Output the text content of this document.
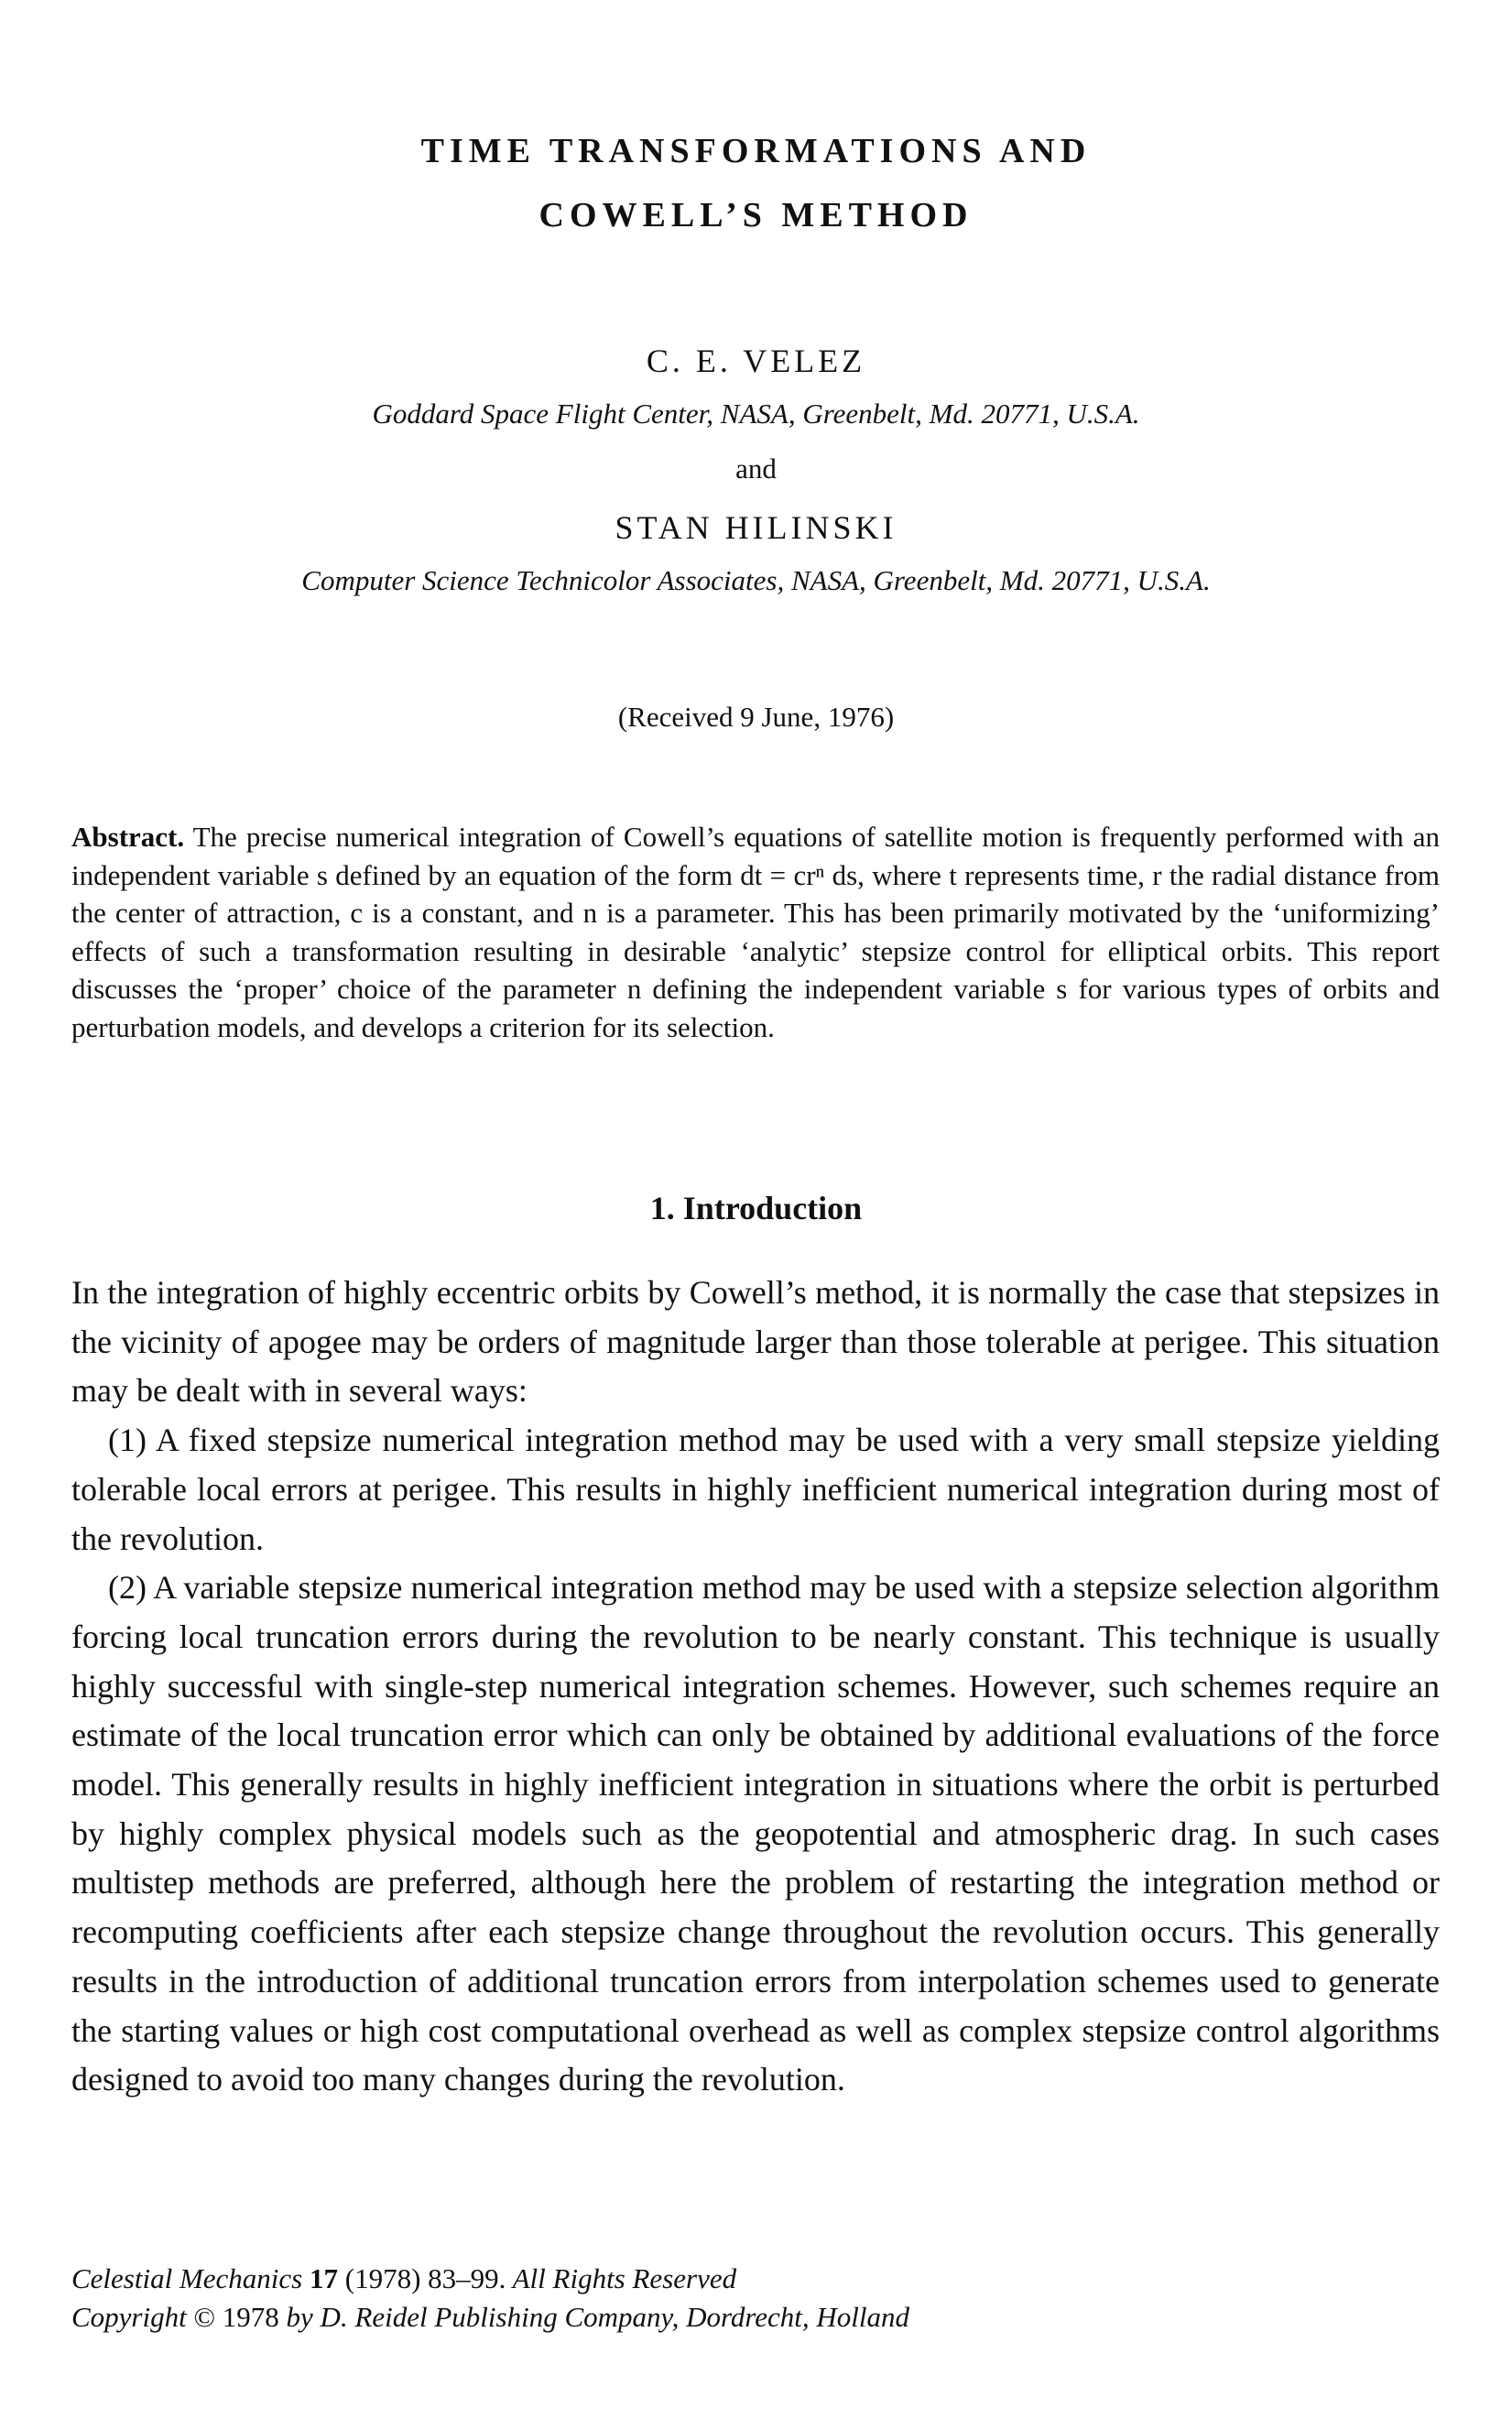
TIME TRANSFORMATIONS AND
COWELL’S METHOD
C. E. VELEZ
Goddard Space Flight Center, NASA, Greenbelt, Md. 20771, U.S.A.
and
STAN HILINSKI
Computer Science Technicolor Associates, NASA, Greenbelt, Md. 20771, U.S.A.
(Received 9 June, 1976)

Abstract. The precise numerical integration of Cowell’s equations of satellite motion is frequently performed with an independent variable s defined by an equation of the form dt = crⁿ ds, where t represents time, r the radial distance from the center of attraction, c is a constant, and n is a parameter. This has been primarily motivated by the ‘uniformizing’ effects of such a transformation resulting in desirable ‘analytic’ stepsize control for elliptical orbits. This report discusses the ‘proper’ choice of the parameter n defining the independent variable s for various types of orbits and perturbation models, and develops a criterion for its selection.

1. Introduction

In the integration of highly eccentric orbits by Cowell’s method, it is normally the case that stepsizes in the vicinity of apogee may be orders of magnitude larger than those tolerable at perigee. This situation may be dealt with in several ways:

(1) A fixed stepsize numerical integration method may be used with a very small stepsize yielding tolerable local errors at perigee. This results in highly inefficient numerical integration during most of the revolution.

(2) A variable stepsize numerical integration method may be used with a stepsize selection algorithm forcing local truncation errors during the revolution to be nearly constant. This technique is usually highly successful with single-step numerical integration schemes. However, such schemes require an estimate of the local truncation error which can only be obtained by additional evaluations of the force model. This generally results in highly inefficient integration in situations where the orbit is perturbed by highly complex physical models such as the geopotential and atmospheric drag. In such cases multistep methods are preferred, although here the problem of restarting the integration method or recomputing coefficients after each stepsize change throughout the revolution occurs. This generally results in the introduction of additional truncation errors from interpolation schemes used to generate the starting values or high cost computational overhead as well as complex stepsize control algorithms designed to avoid too many changes during the revolution.

Celestial Mechanics 17 (1978) 83–99. All Rights Reserved
Copyright © 1978 by D. Reidel Publishing Company, Dordrecht, Holland
